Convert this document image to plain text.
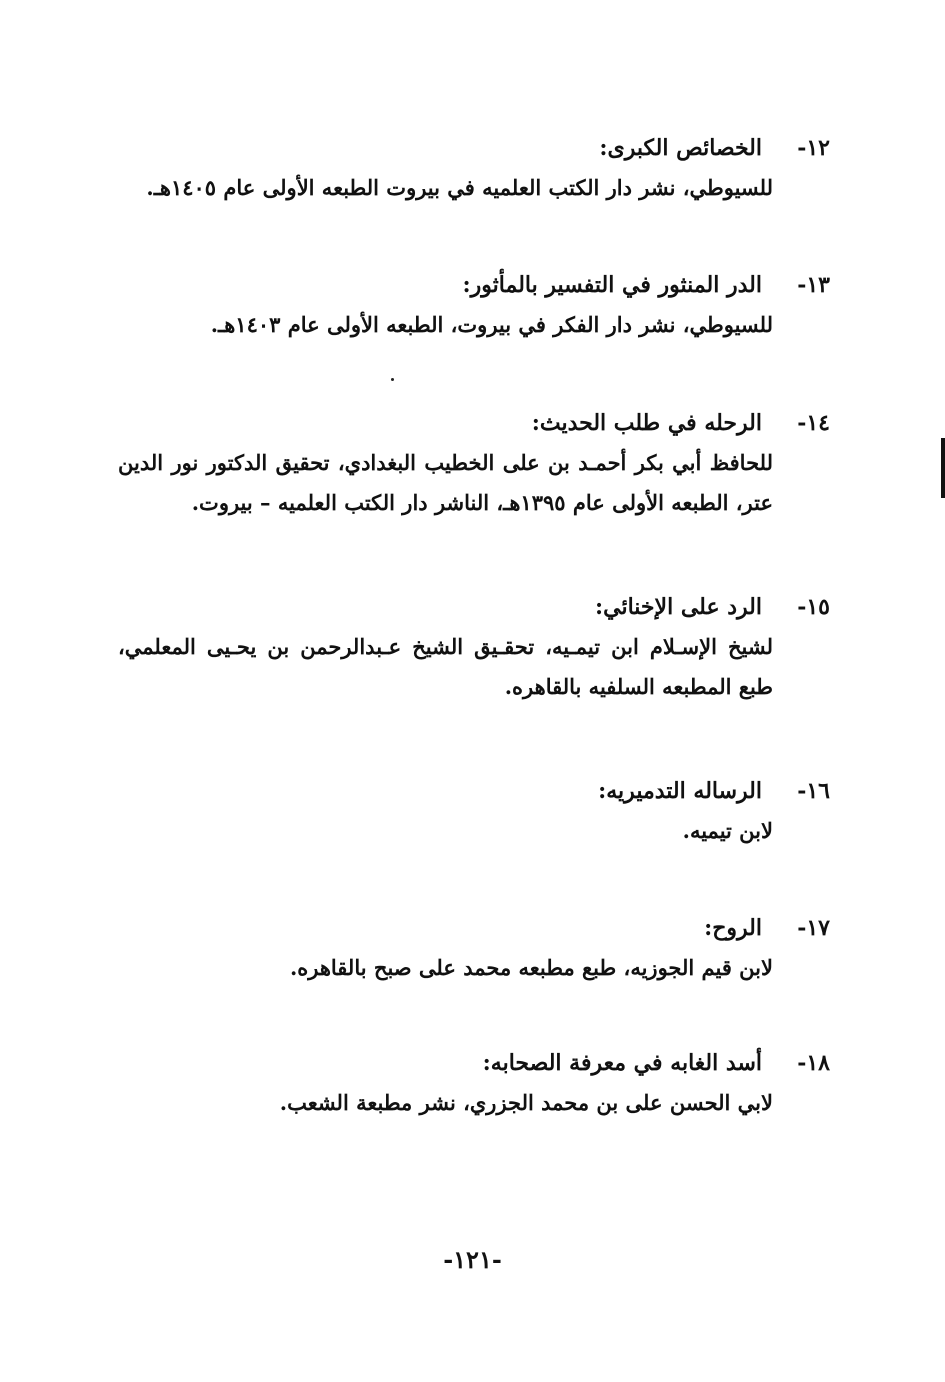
١٢-
الخصائص الكبرى:
للسيوطي، نشر دار الكتب العلميه في بيروت الطبعه الأولى عام ١٤٠٥هـ.
١٣-
الدر المنثور في التفسير بالمأثور:
للسيوطي، نشر دار الفكر في بيروت، الطبعه الأولى عام ١٤٠٣هـ.
١٤-
الرحله في طلب الحديث:
للحافظ أبي بكر أحمـد بن على الخطيب البغدادي، تحقيق الدكتور نور الدين عتر، الطبعه الأولى عام ١٣٩٥هـ، الناشر دار الكتب العلميه – بيروت.
١٥-
الرد على الإخنائي:
لشيخ الإسـلام ابن تيمـيه، تحقـيق الشيخ عـبدالرحمن بن يحـيى المعلمي، طبع المطبعه السلفيه بالقاهره.
١٦-
الرساله التدميريه:
لابن تيميه.
١٧-
الروح:
لابن قيم الجوزيه، طبع مطبعه محمد على صبح بالقاهره.
١٨-
أسد الغابه في معرفة الصحابه:
لابي الحسن على بن محمد الجزري، نشر مطبعة الشعب.
-١٢١-
